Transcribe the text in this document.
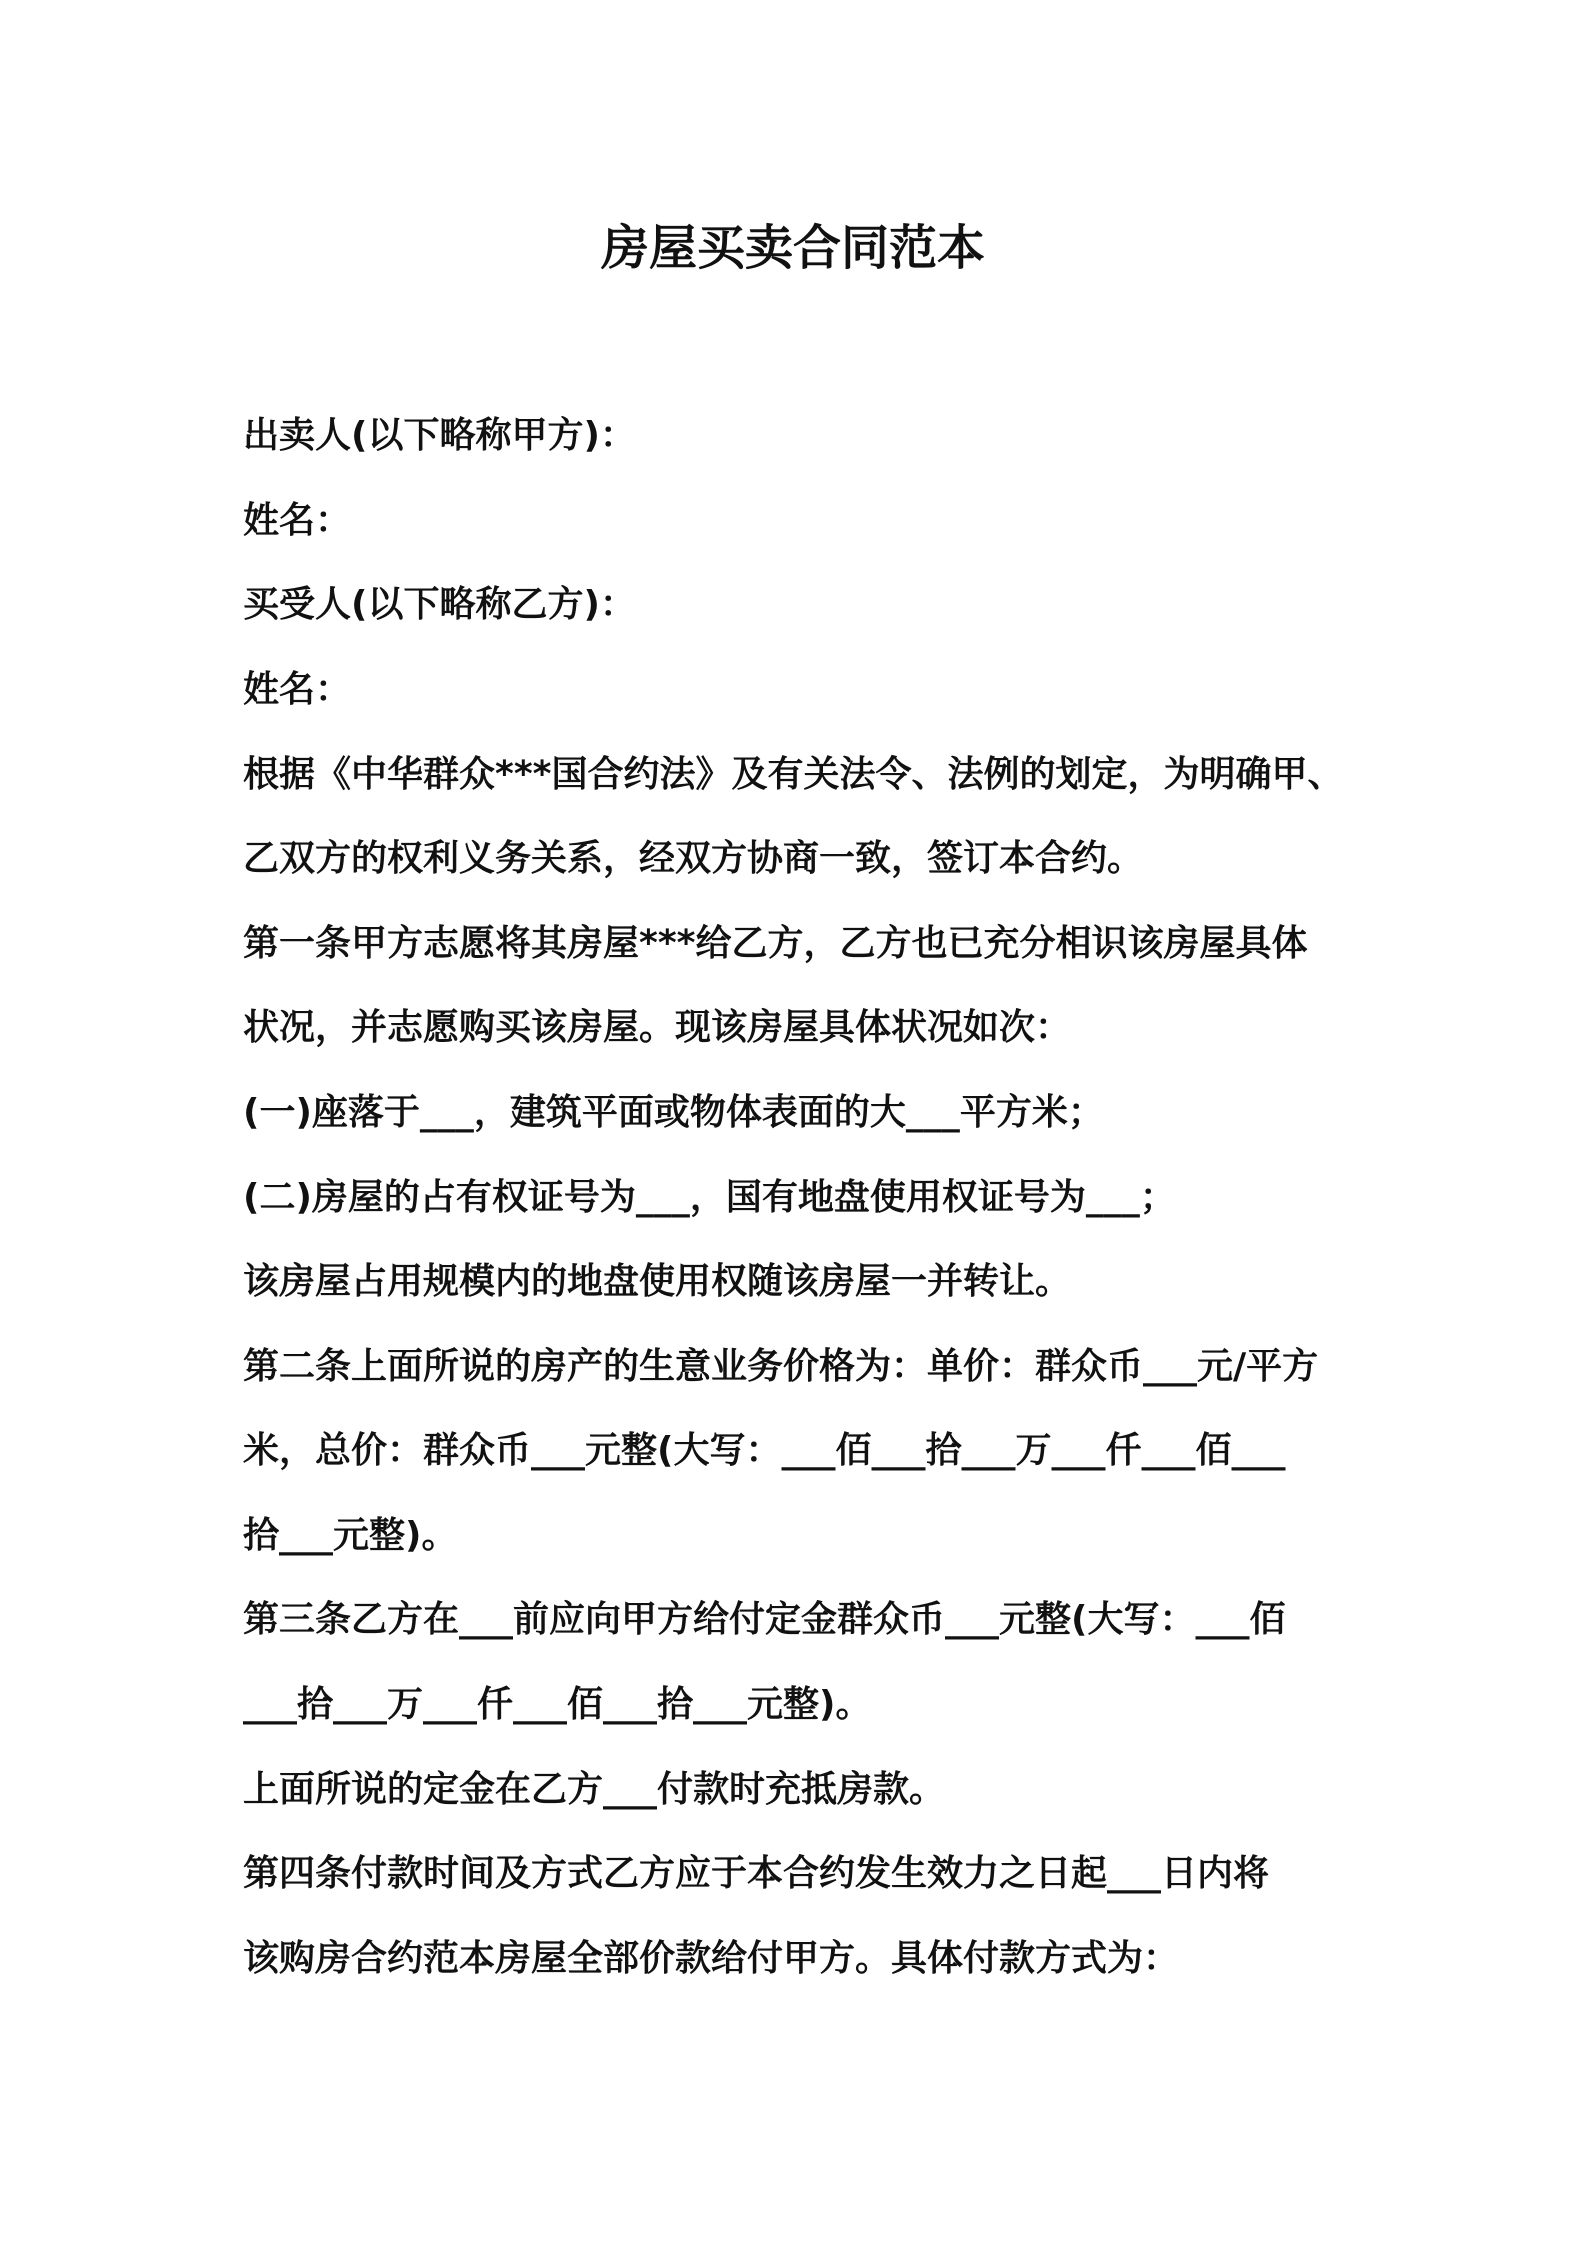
房屋买卖合同范本
出卖人(以下略称甲方)：
姓名：
买受人(以下略称乙方)：
姓名：
根据《中华群众***国合约法》及有关法令、法例的划定，为明确甲、
乙双方的权利义务关系，经双方协商一致，签订本合约。
第一条甲方志愿将其房屋***给乙方，乙方也已充分相识该房屋具体
状况，并志愿购买该房屋。现该房屋具体状况如次：
(一)座落于___，建筑平面或物体表面的大___平方米；
(二)房屋的占有权证号为___，国有地盘使用权证号为___；
该房屋占用规模内的地盘使用权随该房屋一并转让。
第二条上面所说的房产的生意业务价格为：单价：群众币___元/平方
米，总价：群众币___元整(大写：___佰___拾___万___仟___佰___
拾___元整)。
第三条乙方在___前应向甲方给付定金群众币___元整(大写：___佰
___拾___万___仟___佰___拾___元整)。
上面所说的定金在乙方___付款时充抵房款。
第四条付款时间及方式乙方应于本合约发生效力之日起___日内将
该购房合约范本房屋全部价款给付甲方。具体付款方式为：
